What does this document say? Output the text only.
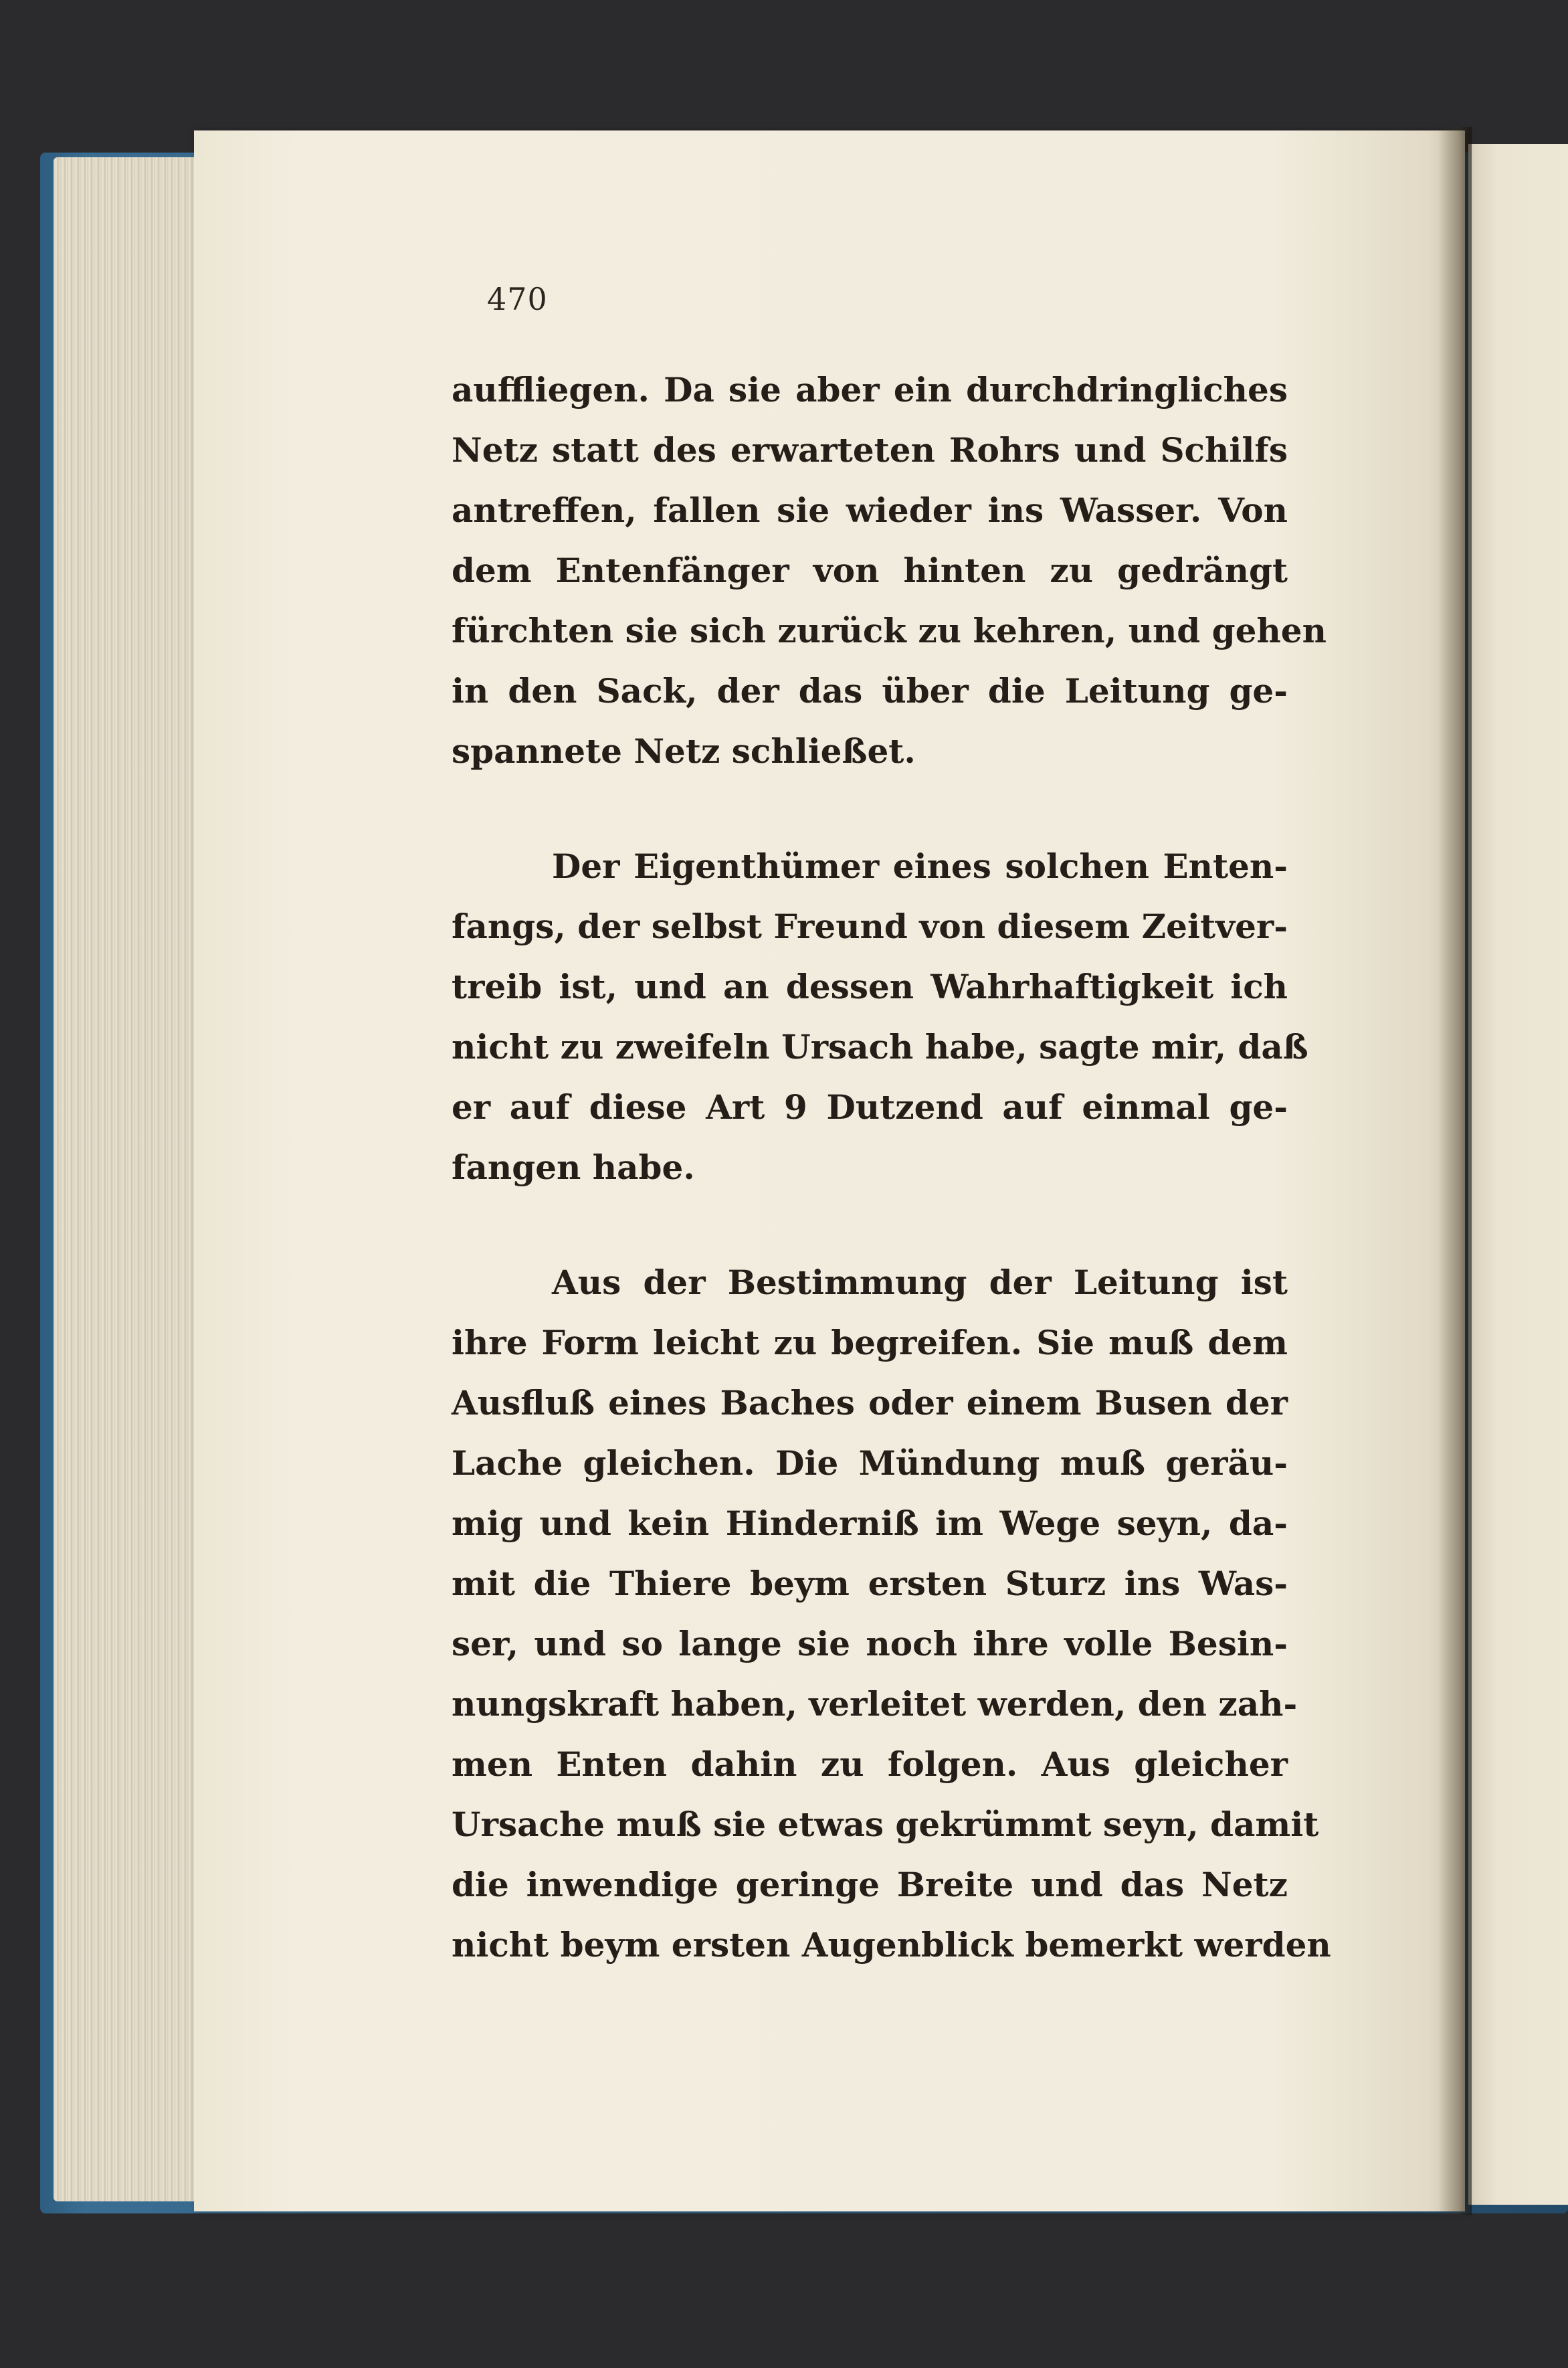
470
auffliegen. Da sie aber ein durchdringliches
Netz statt des erwarteten Rohrs und Schilfs
antreffen, fallen sie wieder ins Wasser. Von
dem Entenfänger von hinten zu gedrängt
fürchten sie sich zurück zu kehren, und gehen
in den Sack, der das über die Leitung ge-
spannete Netz schließet.
Der Eigenthümer eines solchen Enten-
fangs, der selbst Freund von diesem Zeitver-
treib ist, und an dessen Wahrhaftigkeit ich
nicht zu zweifeln Ursach habe, sagte mir, daß
er auf diese Art 9 Dutzend auf einmal ge-
fangen habe.
Aus der Bestimmung der Leitung ist
ihre Form leicht zu begreifen. Sie muß dem
Ausfluß eines Baches oder einem Busen der
Lache gleichen. Die Mündung muß geräu-
mig und kein Hinderniß im Wege seyn, da-
mit die Thiere beym ersten Sturz ins Was-
ser, und so lange sie noch ihre volle Besin-
nungskraft haben, verleitet werden, den zah-
men Enten dahin zu folgen. Aus gleicher
Ursache muß sie etwas gekrümmt seyn, damit
die inwendige geringe Breite und das Netz
nicht beym ersten Augenblick bemerkt werden
